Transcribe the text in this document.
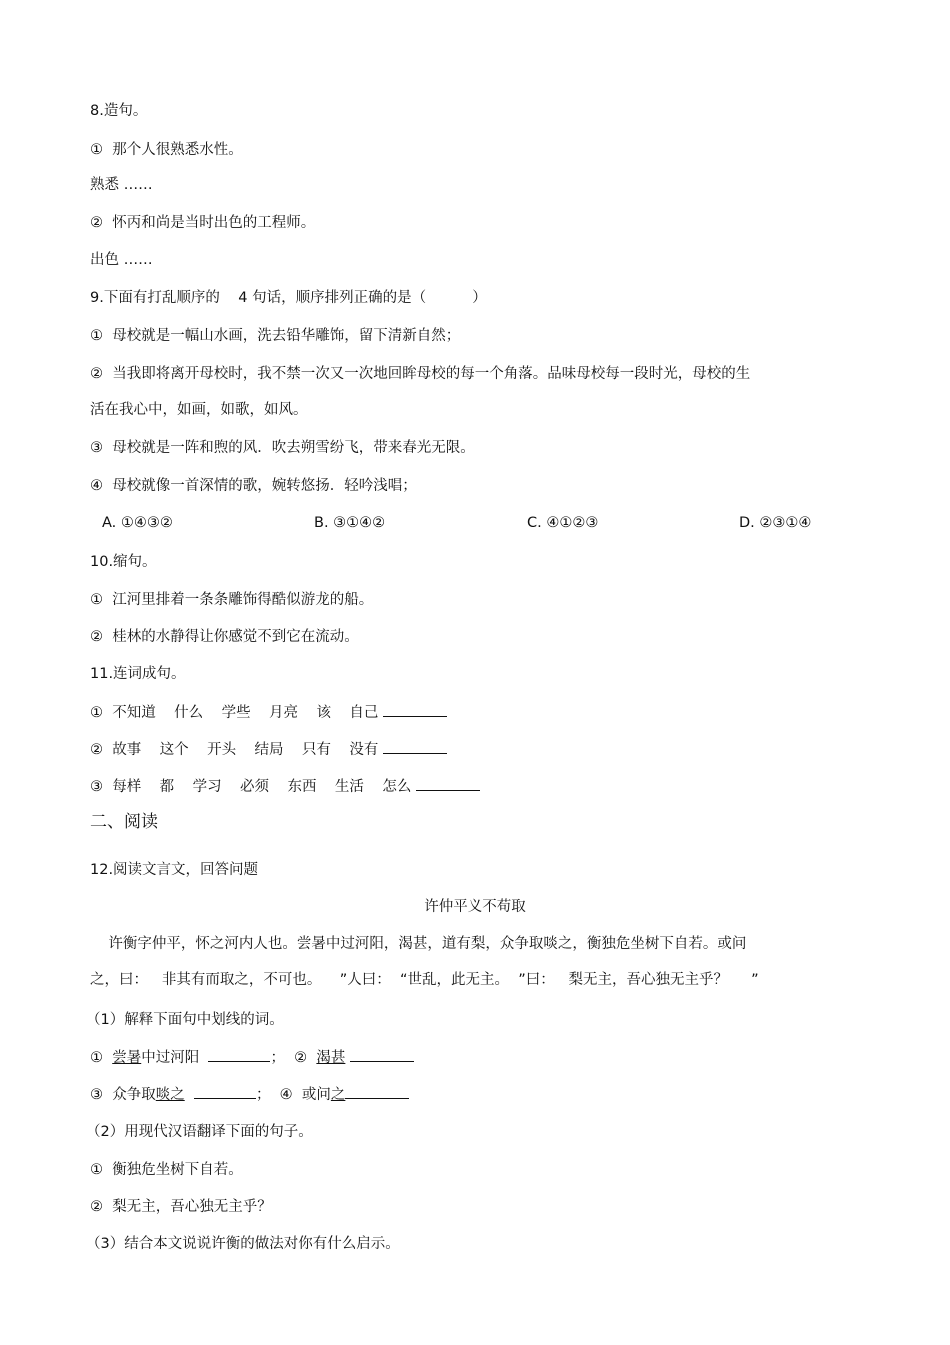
8.造句。
①  那个人很熟悉水性。
熟悉 ……
②  怀丙和尚是当时出色的工程师。
出色 ……
9.下面有打乱顺序的    4 句话，顺序排列正确的是（          ）
①  母校就是一幅山水画，洗去铅华雕饰，留下清新自然；
②  当我即将离开母校时，我不禁一次又一次地回眸母校的每一个角落。品味母校每一段时光，母校的生
活在我心中，如画，如歌，如风。
③  母校就是一阵和煦的风．吹去朔雪纷飞，带来春光无限。
④  母校就像一首深情的歌，婉转悠扬．轻吟浅唱；
A. ①④③②	B. ③①④②	C. ④①②③	D. ②③①④
10.缩句。
①  江河里排着一条条雕饰得酷似游龙的船。
②  桂林的水静得让你感觉不到它在流动。
11.连词成句。
①  不知道    什么    学些    月亮    该    自己
②  故事    这个    开头    结局    只有    没有
③  每样    都    学习    必须    东西    生活    怎么
二、阅读
12.阅读文言文，回答问题
许仲平义不苟取
许衡字仲平，怀之河内人也。尝暑中过河阳，渴甚，道有梨，众争取啖之，衡独危坐树下自若。或问
之，曰：   非其有而取之，不可也。    ”人曰：  “世乱，此无主。  ”曰：   梨无主，吾心独无主乎？     ”
（1）解释下面句中划线的词。
①  尝暑中过河阳	；  ②  渴甚
③  众争取啖之	；  ④  或问之
（2）用现代汉语翻译下面的句子。
①  衡独危坐树下自若。
②  梨无主，吾心独无主乎？
（3）结合本文说说许衡的做法对你有什么启示。
